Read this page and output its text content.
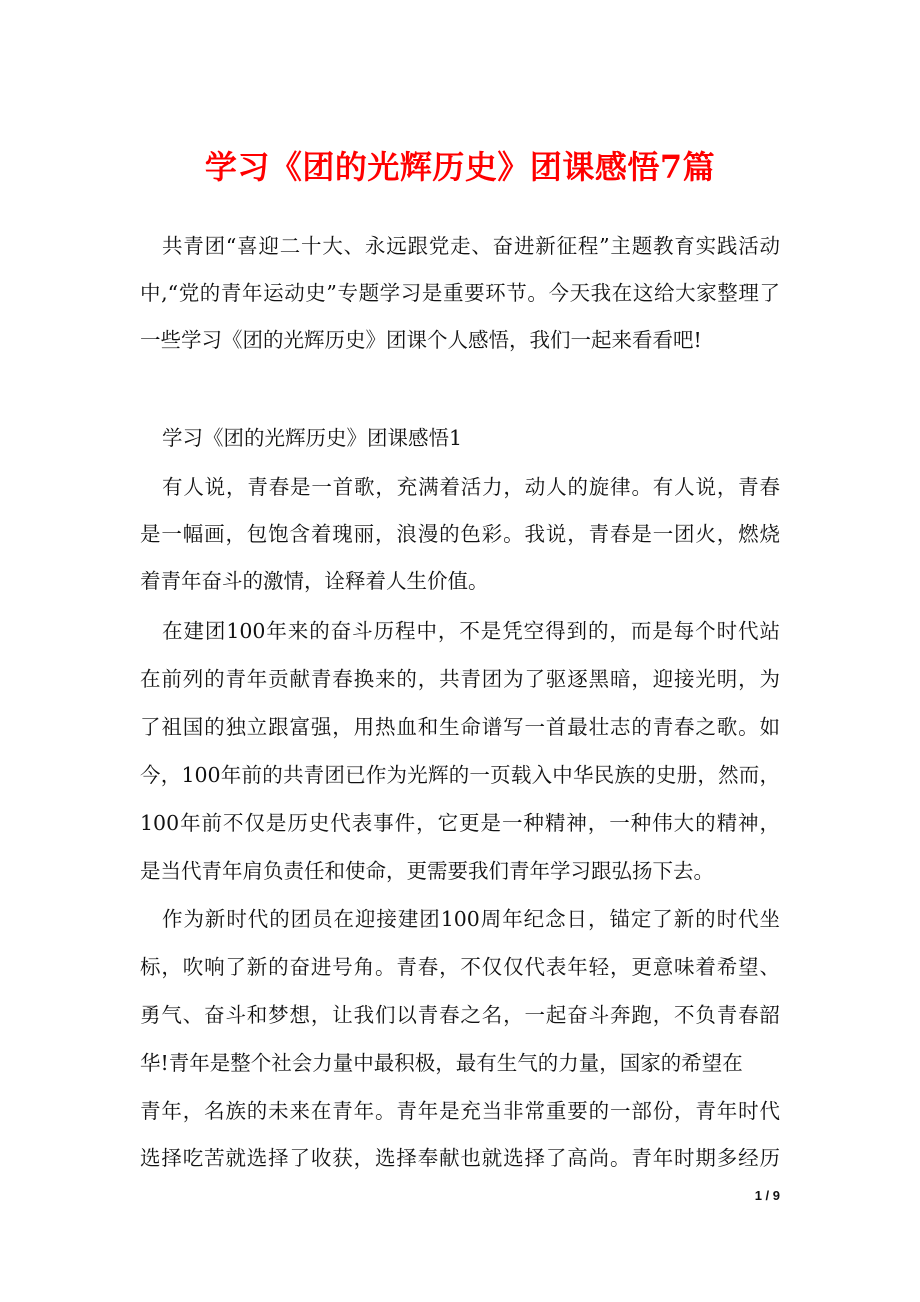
学习《团的光辉历史》团课感悟7篇
共青团“喜迎二十大、永远跟党走、奋进新征程”主题教育实践活动
中,“党的青年运动史”专题学习是重要环节。今天我在这给大家整理了
一些学习《团的光辉历史》团课个人感悟，我们一起来看看吧!
学习《团的光辉历史》团课感悟1
有人说，青春是一首歌，充满着活力，动人的旋律。有人说，青春
是一幅画，包饱含着瑰丽，浪漫的色彩。我说，青春是一团火，燃烧
着青年奋斗的激情，诠释着人生价值。
在建团100年来的奋斗历程中，不是凭空得到的，而是每个时代站
在前列的青年贡献青春换来的，共青团为了驱逐黑暗，迎接光明，为
了祖国的独立跟富强，用热血和生命谱写一首最壮志的青春之歌。如
今，100年前的共青团已作为光辉的一页载入中华民族的史册，然而，
100年前不仅是历史代表事件，它更是一种精神，一种伟大的精神，
是当代青年肩负责任和使命，更需要我们青年学习跟弘扬下去。
作为新时代的团员在迎接建团100周年纪念日，锚定了新的时代坐
标，吹响了新的奋进号角。青春，不仅仅代表年轻，更意味着希望、
勇气、奋斗和梦想，让我们以青春之名，一起奋斗奔跑，不负青春韶
华!青年是整个社会力量中最积极，最有生气的力量，国家的希望在
青年，名族的未来在青年。青年是充当非常重要的一部份，青年时代
选择吃苦就选择了收获，选择奉献也就选择了高尚。青年时期多经历
1 / 9
